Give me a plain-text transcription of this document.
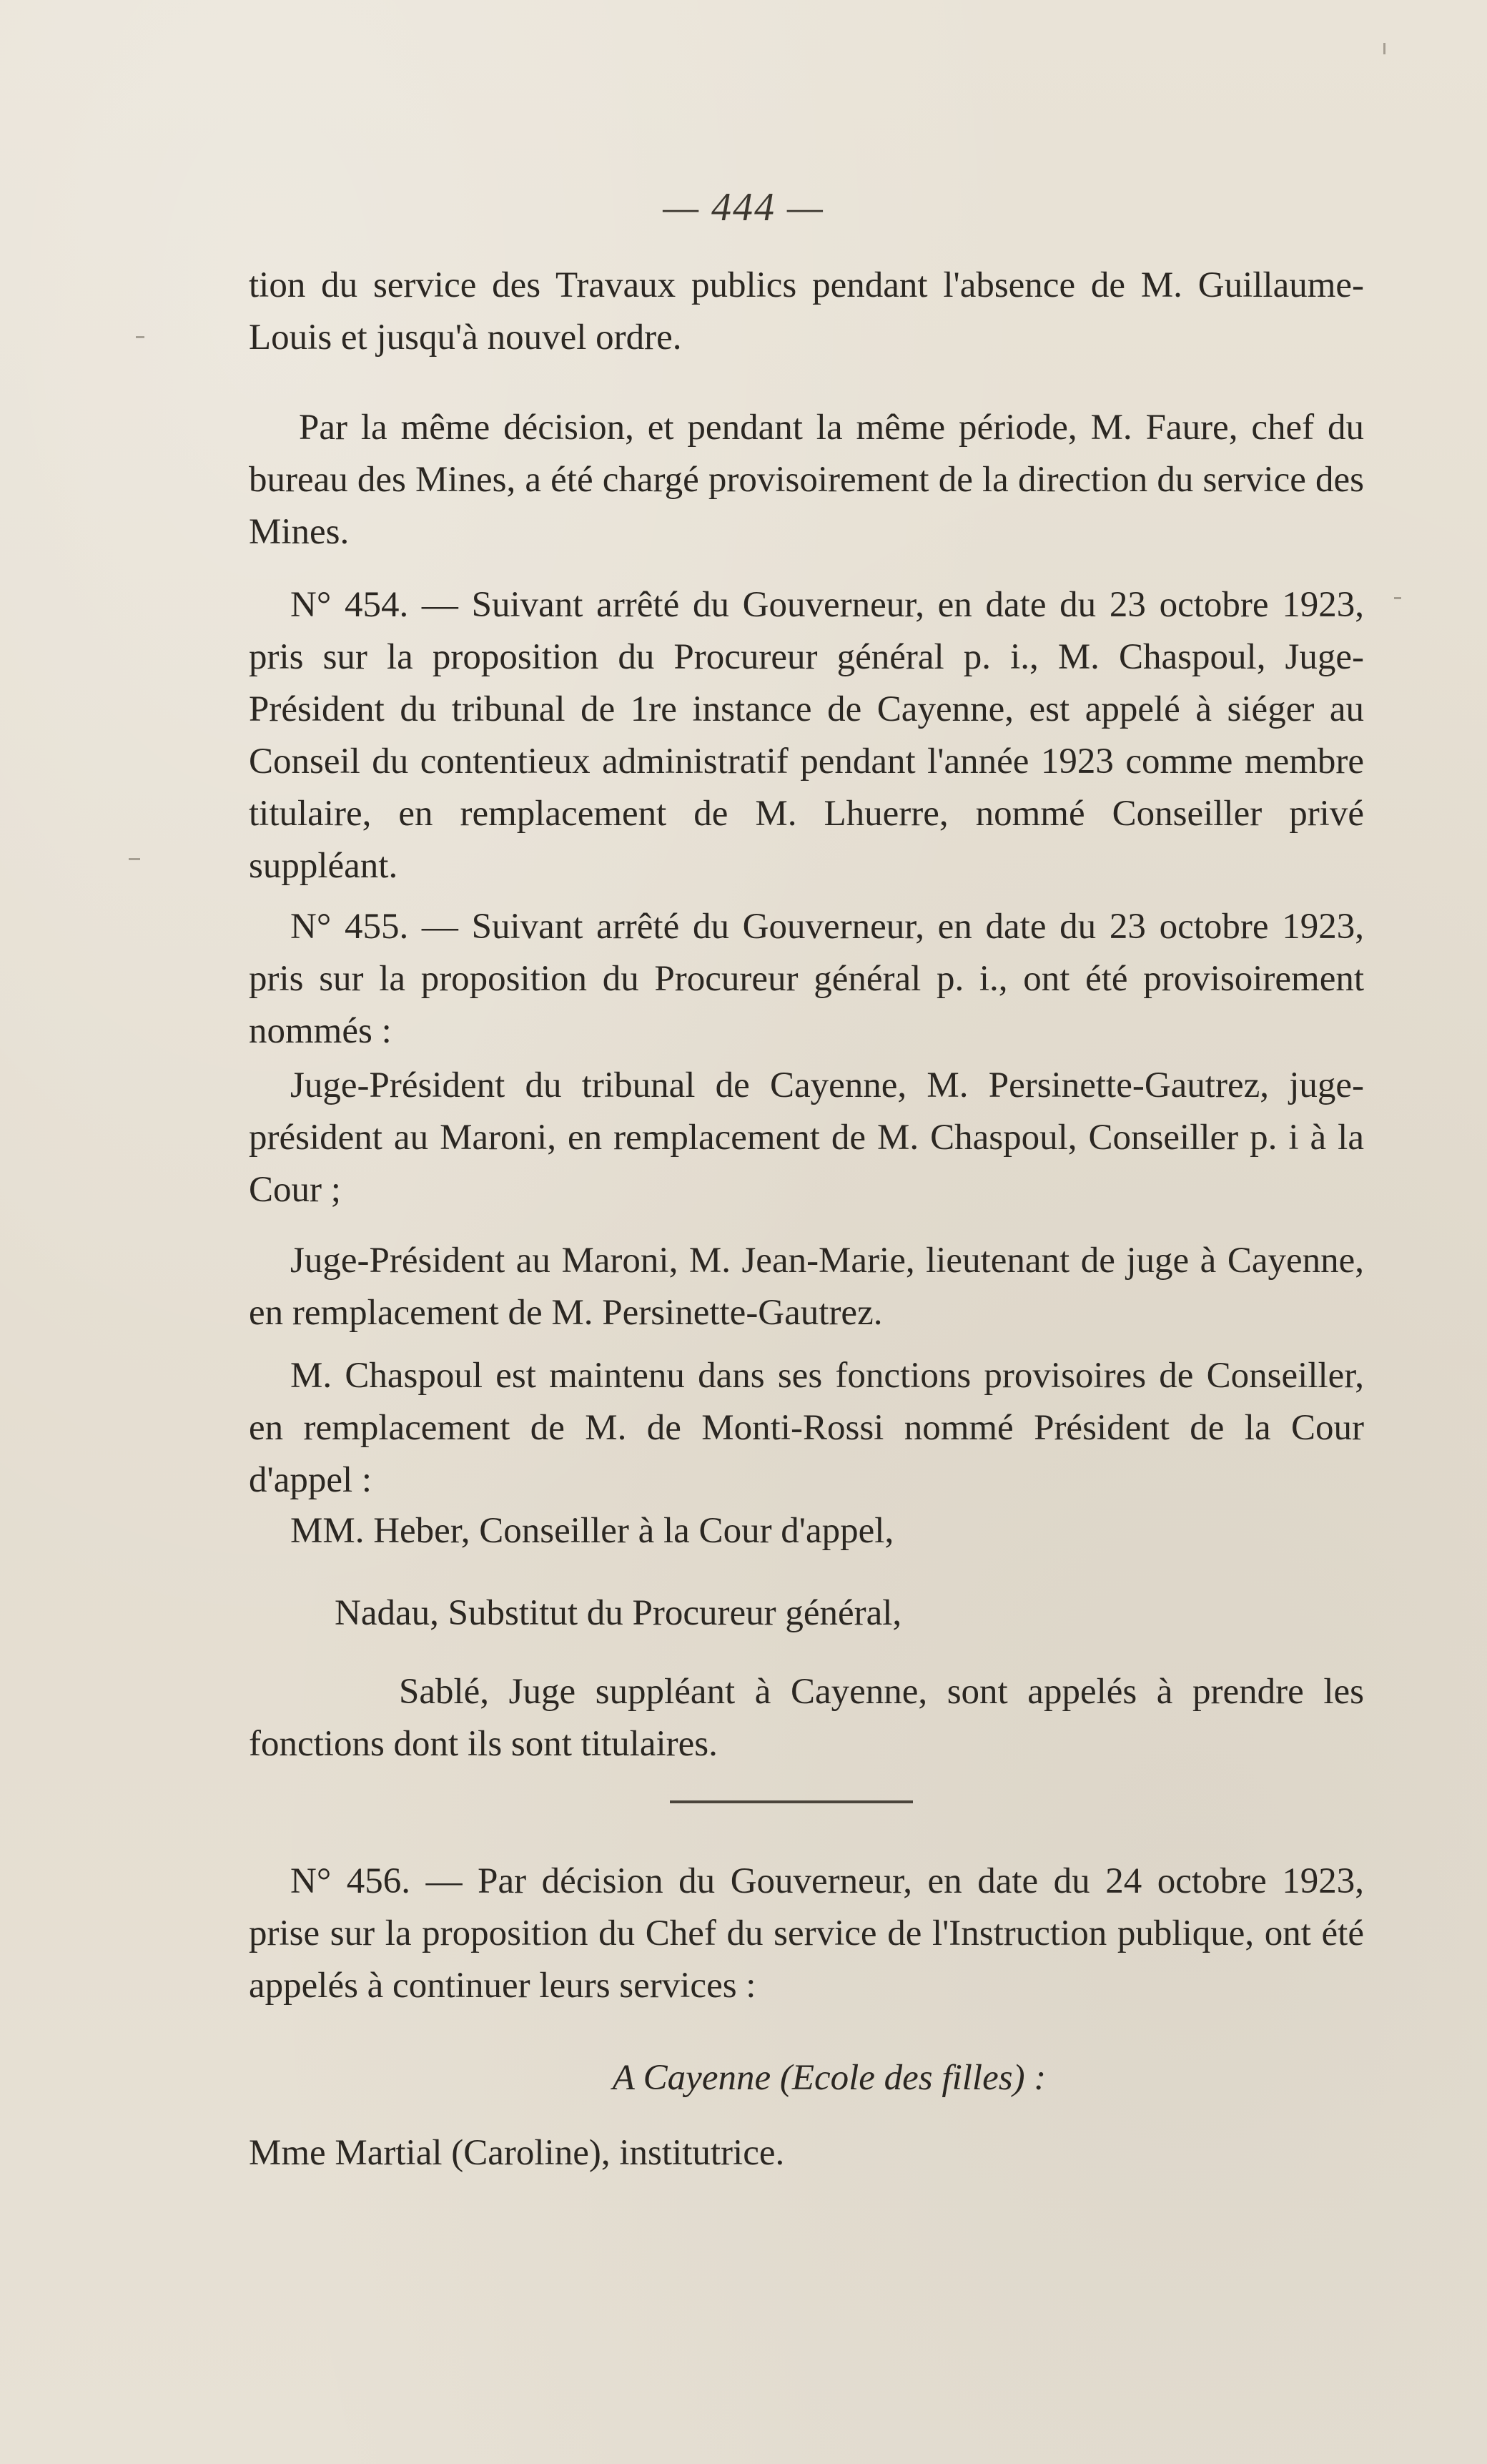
— 444 —

tion du service des Travaux publics pendant l'absence de M. Guillaume-Louis et jusqu'à nouvel ordre.

Par la même décision, et pendant la même période, M. Faure, chef du bureau des Mines, a été chargé provisoirement de la direction du service des Mines.

N° 454. — Suivant arrêté du Gouverneur, en date du 23 octobre 1923, pris sur la proposition du Procureur général p. i., M. Chaspoul, Juge-Président du tribunal de 1re instance de Cayenne, est appelé à siéger au Conseil du contentieux administratif pendant l'année 1923 comme membre titulaire, en remplacement de M. Lhuerre, nommé Conseiller privé suppléant.

N° 455. — Suivant arrêté du Gouverneur, en date du 23 octobre 1923, pris sur la proposition du Procureur général p. i., ont été provisoirement nommés :

Juge-Président du tribunal de Cayenne, M. Persinette-Gautrez, juge-président au Maroni, en remplacement de M. Chaspoul, Conseiller p. i à la Cour ;

Juge-Président au Maroni, M. Jean-Marie, lieutenant de juge à Cayenne, en remplacement de M. Persinette-Gautrez.

M. Chaspoul est maintenu dans ses fonctions provisoires de Conseiller, en remplacement de M. de Monti-Rossi nommé Président de la Cour d'appel :

MM. Heber, Conseiller à la Cour d'appel,

Nadau, Substitut du Procureur général,

Sablé, Juge suppléant à Cayenne, sont appelés à prendre les fonctions dont ils sont titulaires.

N° 456. — Par décision du Gouverneur, en date du 24 octobre 1923, prise sur la proposition du Chef du service de l'Instruction publique, ont été appelés à continuer leurs services :

A Cayenne (Ecole des filles) :

Mme Martial (Caroline), institutrice.
